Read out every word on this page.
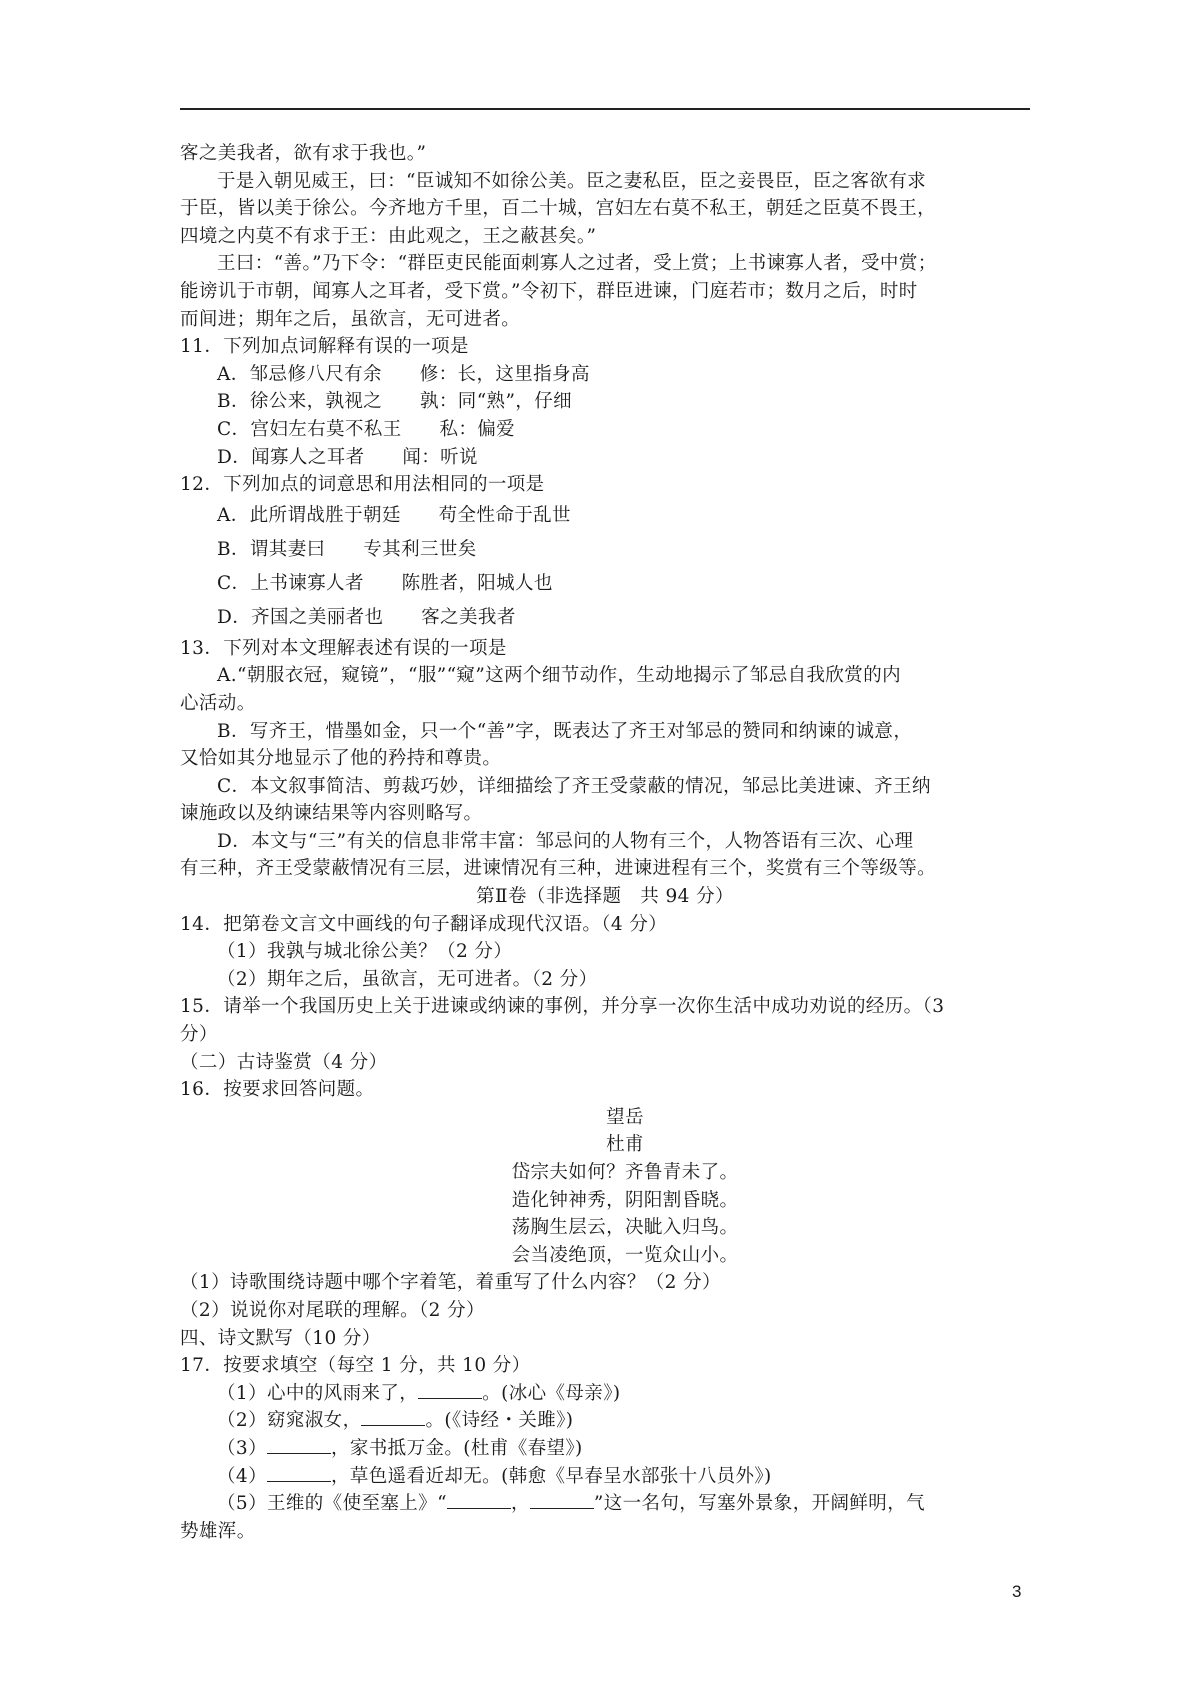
客之美我者，欲有求于我也。”
于是入朝见威王，曰：“臣诚知不如徐公美。臣之妻私臣，臣之妾畏臣，臣之客欲有求
于臣，皆以美于徐公。今齐地方千里，百二十城，宫妇左右莫不私王，朝廷之臣莫不畏王，
四境之内莫不有求于王：由此观之，王之蔽甚矣。”
王曰：“善。”乃下令：“群臣吏民能面刺寡人之过者，受上赏；上书谏寡人者，受中赏；
能谤讥于市朝，闻寡人之耳者，受下赏。”令初下，群臣进谏，门庭若市；数月之后，时时
而间进；期年之后，虽欲言，无可进者。
11．下列加点词解释有误的一项是
A．邹忌修八尺有余　　修：长，这里指身高
B．徐公来，孰视之　　孰：同“熟”，仔细
C．宫妇左右莫不私王　　私：偏爱
D．闻寡人之耳者　　闻：听说
12．下列加点的词意思和用法相同的一项是
A．此所谓战胜于朝廷　　苟全性命于乱世
B．谓其妻曰　　专其利三世矣
C．上书谏寡人者　　陈胜者，阳城人也
D．齐国之美丽者也　　客之美我者
13．下列对本文理解表述有误的一项是
A.“朝服衣冠，窥镜”，“服”“窥”这两个细节动作，生动地揭示了邹忌自我欣赏的内
心活动。
B．写齐王，惜墨如金，只一个“善”字，既表达了齐王对邹忌的赞同和纳谏的诚意，
又恰如其分地显示了他的矜持和尊贵。
C．本文叙事简洁、剪裁巧妙，详细描绘了齐王受蒙蔽的情况，邹忌比美进谏、齐王纳
谏施政以及纳谏结果等内容则略写。
D．本文与“三”有关的信息非常丰富：邹忌问的人物有三个，人物答语有三次、心理
有三种，齐王受蒙蔽情况有三层，进谏情况有三种，进谏进程有三个，奖赏有三个等级等。
第Ⅱ卷（非选择题　共 94 分）
14．把第卷文言文中画线的句子翻译成现代汉语。（4 分）
（1）我孰与城北徐公美？（2 分）
（2）期年之后，虽欲言，无可进者。（2 分）
15．请举一个我国历史上关于进谏或纳谏的事例，并分享一次你生活中成功劝说的经历。（3
分）
（二）古诗鉴赏（4 分）
16．按要求回答问题。
望岳
杜甫
岱宗夫如何？齐鲁青未了。
造化钟神秀，阴阳割昏晓。
荡胸生层云，决眦入归鸟。
会当凌绝顶，一览众山小。
（1）诗歌围绕诗题中哪个字着笔，着重写了什么内容？（2 分）
（2）说说你对尾联的理解。（2 分）
四、诗文默写（10 分）
17．按要求填空（每空 1 分，共 10 分）
（1）心中的风雨来了，	。(冰心《母亲》)
（2）窈窕淑女，	。(《诗经・关雎》)
（3）	，家书抵万金。(杜甫《春望》)
（4）	，草色遥看近却无。(韩愈《早春呈水部张十八员外》)
（5）王维的《使至塞上》“	，	”这一名句，写塞外景象，开阔鲜明，气
势雄浑。
3
